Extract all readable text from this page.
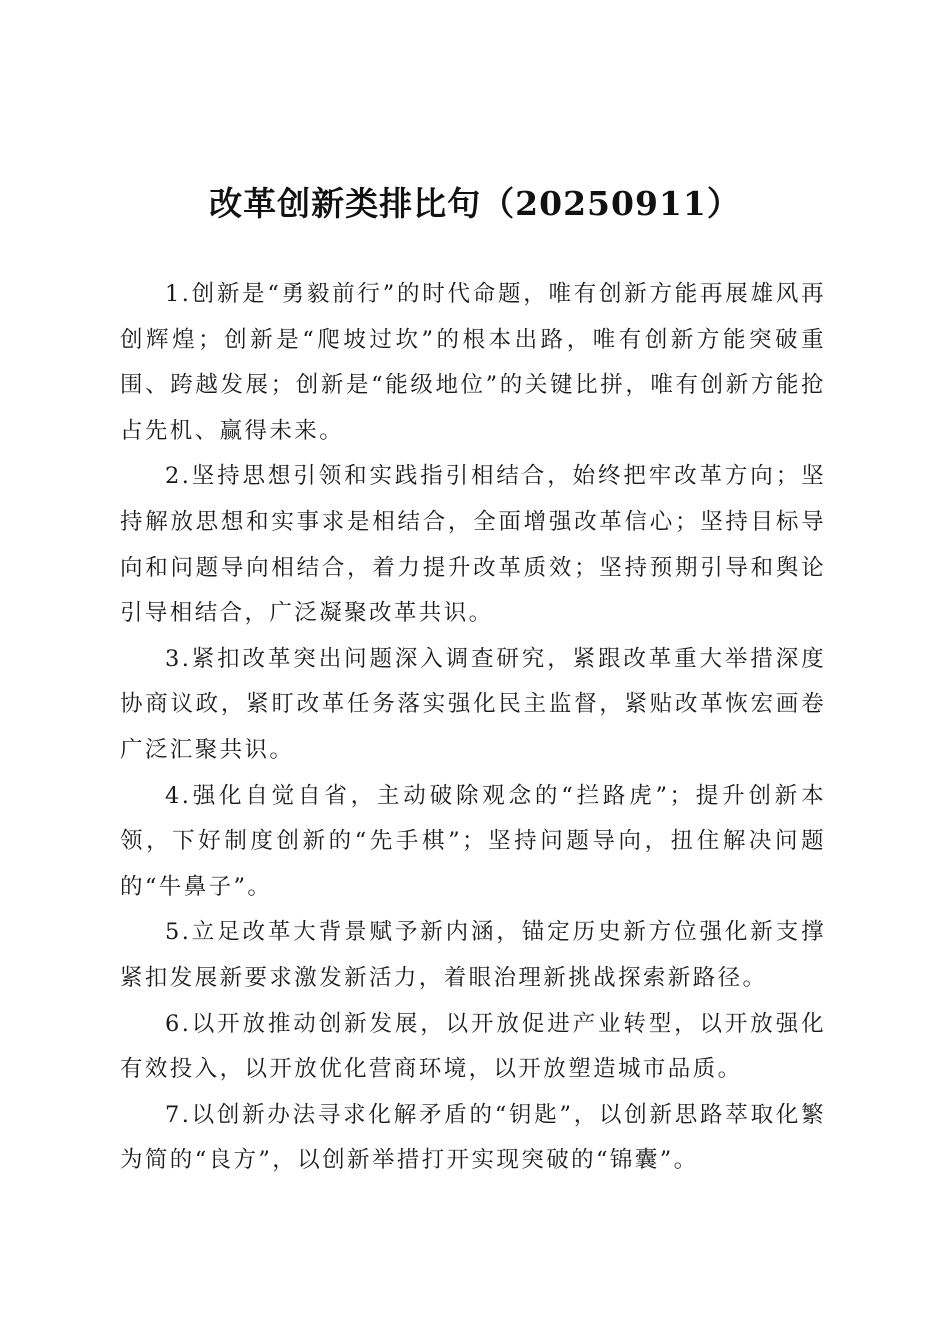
改革创新类排比句（20250911）

1.创新是“勇毅前行”的时代命题，唯有创新方能再展雄风再创辉煌；创新是“爬坡过坎”的根本出路，唯有创新方能突破重围、跨越发展；创新是“能级地位”的关键比拼，唯有创新方能抢占先机、赢得未来。

2.坚持思想引领和实践指引相结合，始终把牢改革方向；坚持解放思想和实事求是相结合，全面增强改革信心；坚持目标导向和问题导向相结合，着力提升改革质效；坚持预期引导和舆论引导相结合，广泛凝聚改革共识。

3.紧扣改革突出问题深入调查研究，紧跟改革重大举措深度协商议政，紧盯改革任务落实强化民主监督，紧贴改革恢宏画卷广泛汇聚共识。

4.强化自觉自省，主动破除观念的“拦路虎”；提升创新本领，下好制度创新的“先手棋”；坚持问题导向，扭住解决问题的“牛鼻子”。

5.立足改革大背景赋予新内涵，锚定历史新方位强化新支撑紧扣发展新要求激发新活力，着眼治理新挑战探索新路径。

6.以开放推动创新发展，以开放促进产业转型，以开放强化有效投入，以开放优化营商环境，以开放塑造城市品质。

7.以创新办法寻求化解矛盾的“钥匙”，以创新思路萃取化繁为简的“良方”，以创新举措打开实现突破的“锦囊”。
